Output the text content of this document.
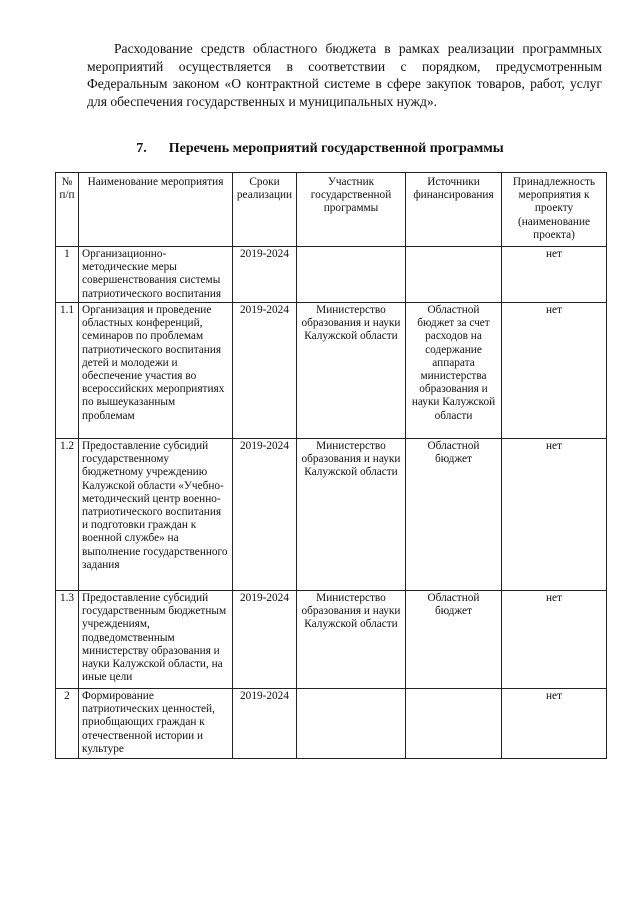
Расходование средств областного бюджета в рамках реализации программных мероприятий осуществляется в соответствии с порядком, предусмотренным Федеральным законом «О контрактной системе в сфере закупок товаров, работ, услуг для обеспечения государственных и муниципальных нужд».

7. Перечень мероприятий государственной программы
№ п/п	Наименование мероприятия	Сроки реализации	Участник государственной программы	Источники финансирования	Принадлежность мероприятия к проекту (наименование проекта)
1	Организационно-методические меры совершенствования системы патриотического воспитания	2019-2024			нет
1.1	Организация и проведение областных конференций, семинаров по проблемам патриотического воспитания детей и молодежи и обеспечение участия во всероссийских мероприятиях по вышеуказанным проблемам	2019-2024	Министерство образования и науки Калужской области	Областной бюджет за счет расходов на содержание аппарата министерства образования и науки Калужской области	нет
1.2	Предоставление субсидий государственному бюджетному учреждению Калужской области «Учебно-методический центр военно-патриотического воспитания и подготовки граждан к военной службе» на выполнение государственного задания	2019-2024	Министерство образования и науки Калужской области	Областной бюджет	нет
1.3	Предоставление субсидий государственным бюджетным учреждениям, подведомственным министерству образования и науки Калужской области, на иные цели	2019-2024	Министерство образования и науки Калужской области	Областной бюджет	нет
2	Формирование патриотических ценностей, приобщающих граждан к отечественной истории и культуре	2019-2024			нет
